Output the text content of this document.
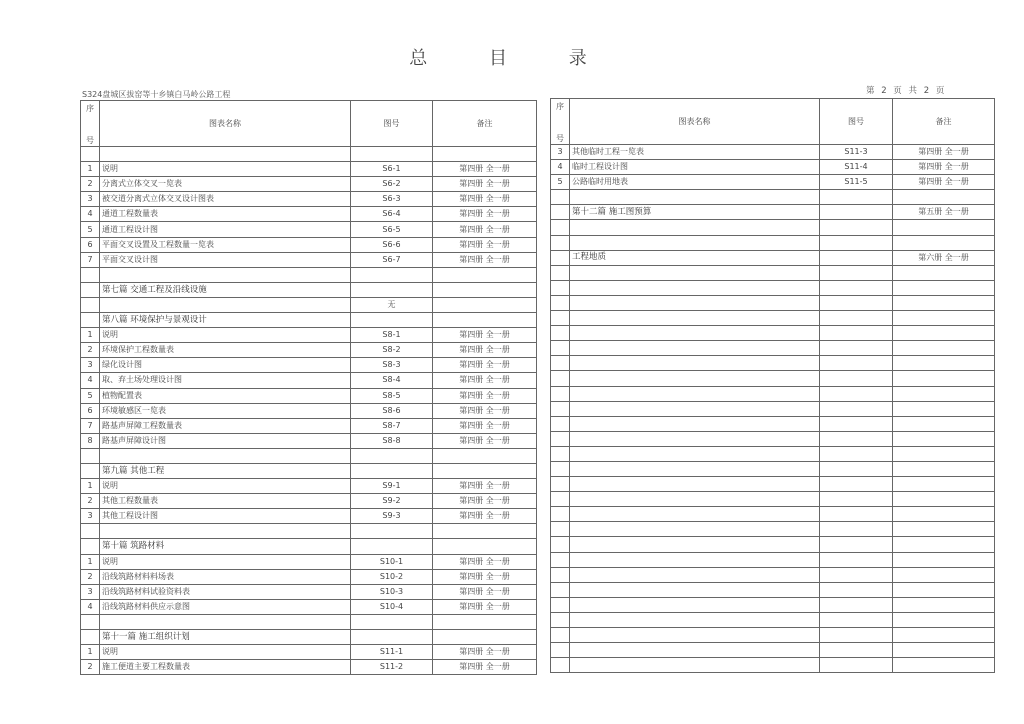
总 目 录
S324盘城区拔窑等十乡镇白马岭公路工程	第 2 页 共 2 页
序
号	图表名称	图号	备注

1	说明	S6-1	第四册 全一册
2	分离式立体交叉一览表	S6-2	第四册 全一册
3	被交道分离式立体交叉设计图表	S6-3	第四册 全一册
4	通道工程数量表	S6-4	第四册 全一册
5	通道工程设计图	S6-5	第四册 全一册
6	平面交叉设置及工程数量一览表	S6-6	第四册 全一册
7	平面交叉设计图	S6-7	第四册 全一册

	第七篇 交通工程及沿线设施		
		无	
	第八篇 环境保护与景观设计		
1	说明	S8-1	第四册 全一册
2	环境保护工程数量表	S8-2	第四册 全一册
3	绿化设计图	S8-3	第四册 全一册
4	取、弃土场处理设计图	S8-4	第四册 全一册
5	植物配置表	S8-5	第四册 全一册
6	环境敏感区一览表	S8-6	第四册 全一册
7	路基声屏障工程数量表	S8-7	第四册 全一册
8	路基声屏障设计图	S8-8	第四册 全一册

	第九篇 其他工程		
1	说明	S9-1	第四册 全一册
2	其他工程数量表	S9-2	第四册 全一册
3	其他工程设计图	S9-3	第四册 全一册

	第十篇 筑路材料		
1	说明	S10-1	第四册 全一册
2	沿线筑路材料料场表	S10-2	第四册 全一册
3	沿线筑路材料试验资料表	S10-3	第四册 全一册
4	沿线筑路材料供应示意图	S10-4	第四册 全一册

	第十一篇 施工组织计划		
1	说明	S11-1	第四册 全一册
2	施工便道主要工程数量表	S11-2	第四册 全一册
序
号	图表名称	图号	备注
3	其他临时工程一览表	S11-3	第四册 全一册
4	临时工程设计图	S11-4	第四册 全一册
5	公路临时用地表	S11-5	第四册 全一册

	第十二篇 施工图预算		第五册 全一册

	工程地质		第六册 全一册
